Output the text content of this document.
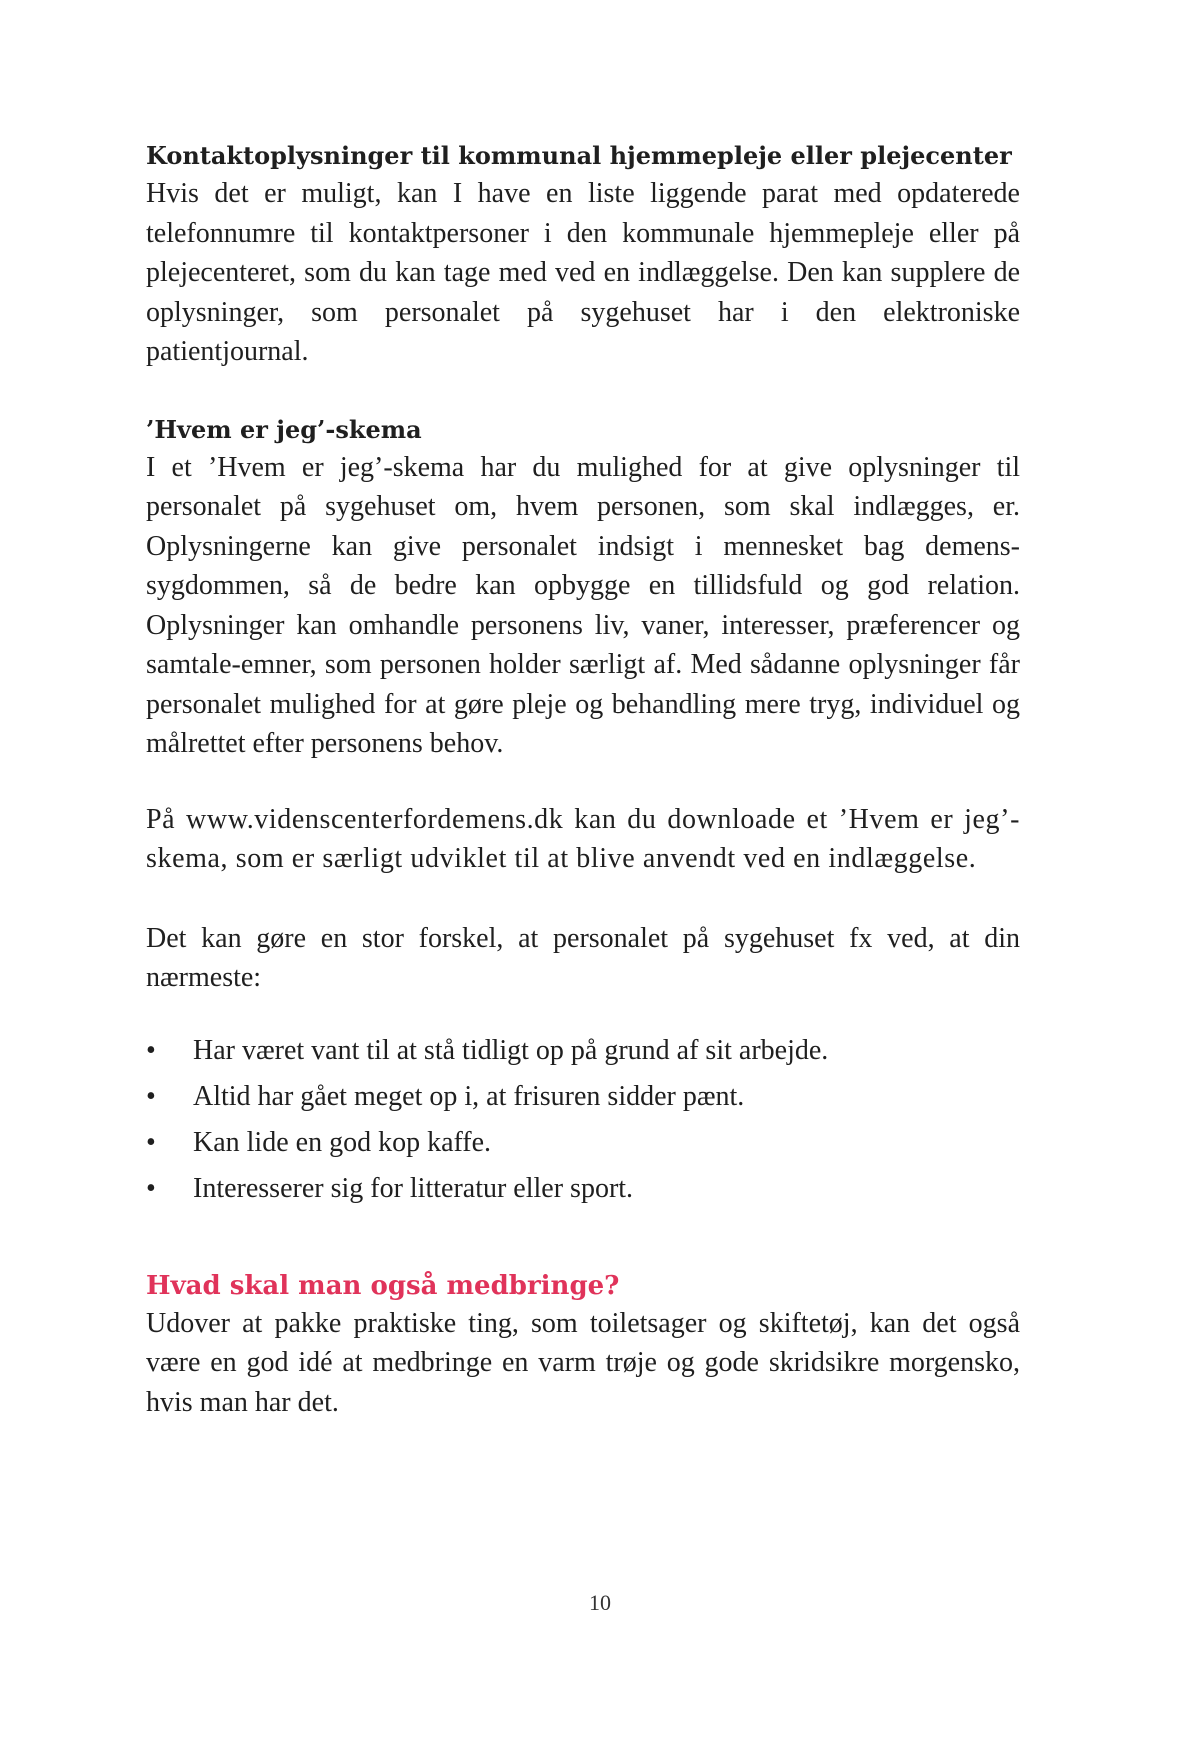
Kontaktoplysninger til kommunal hjemmepleje eller plejecenter

Hvis det er muligt, kan I have en liste liggende parat med opdaterede telefonnumre til kontaktpersoner i den kommunale hjemmepleje eller på plejecenteret, som du kan tage med ved en indlæggelse. Den kan supplere de oplysninger, som personalet på sygehuset har i den elektroniske patientjournal.

’Hvem er jeg’-skema

I et ’Hvem er jeg’-skema har du mulighed for at give oplysninger til personalet på sygehuset om, hvem personen, som skal indlægges, er. Oplysningerne kan give personalet indsigt i mennesket bag demenssygdommen, så de bedre kan opbygge en tillidsfuld og god relation. Oplysninger kan omhandle personens liv, vaner, interesser, præferencer og samtale-emner, som personen holder særligt af. Med sådanne oplysninger får personalet mulighed for at gøre pleje og behandling mere tryg, individuel og målrettet efter personens behov.

På www.videnscenterfordemens.dk kan du downloade et ’Hvem er jeg’-skema, som er særligt udviklet til at blive anvendt ved en indlæggelse.

Det kan gøre en stor forskel, at personalet på sygehuset fx ved, at din nærmeste:

•	Har været vant til at stå tidligt op på grund af sit arbejde.
•	Altid har gået meget op i, at frisuren sidder pænt.
•	Kan lide en god kop kaffe.
•	Interesserer sig for litteratur eller sport.
Hvad skal man også medbringe?

Udover at pakke praktiske ting, som toiletsager og skiftetøj, kan det også være en god idé at medbringe en varm trøje og gode skridsikre morgensko, hvis man har det.

10
